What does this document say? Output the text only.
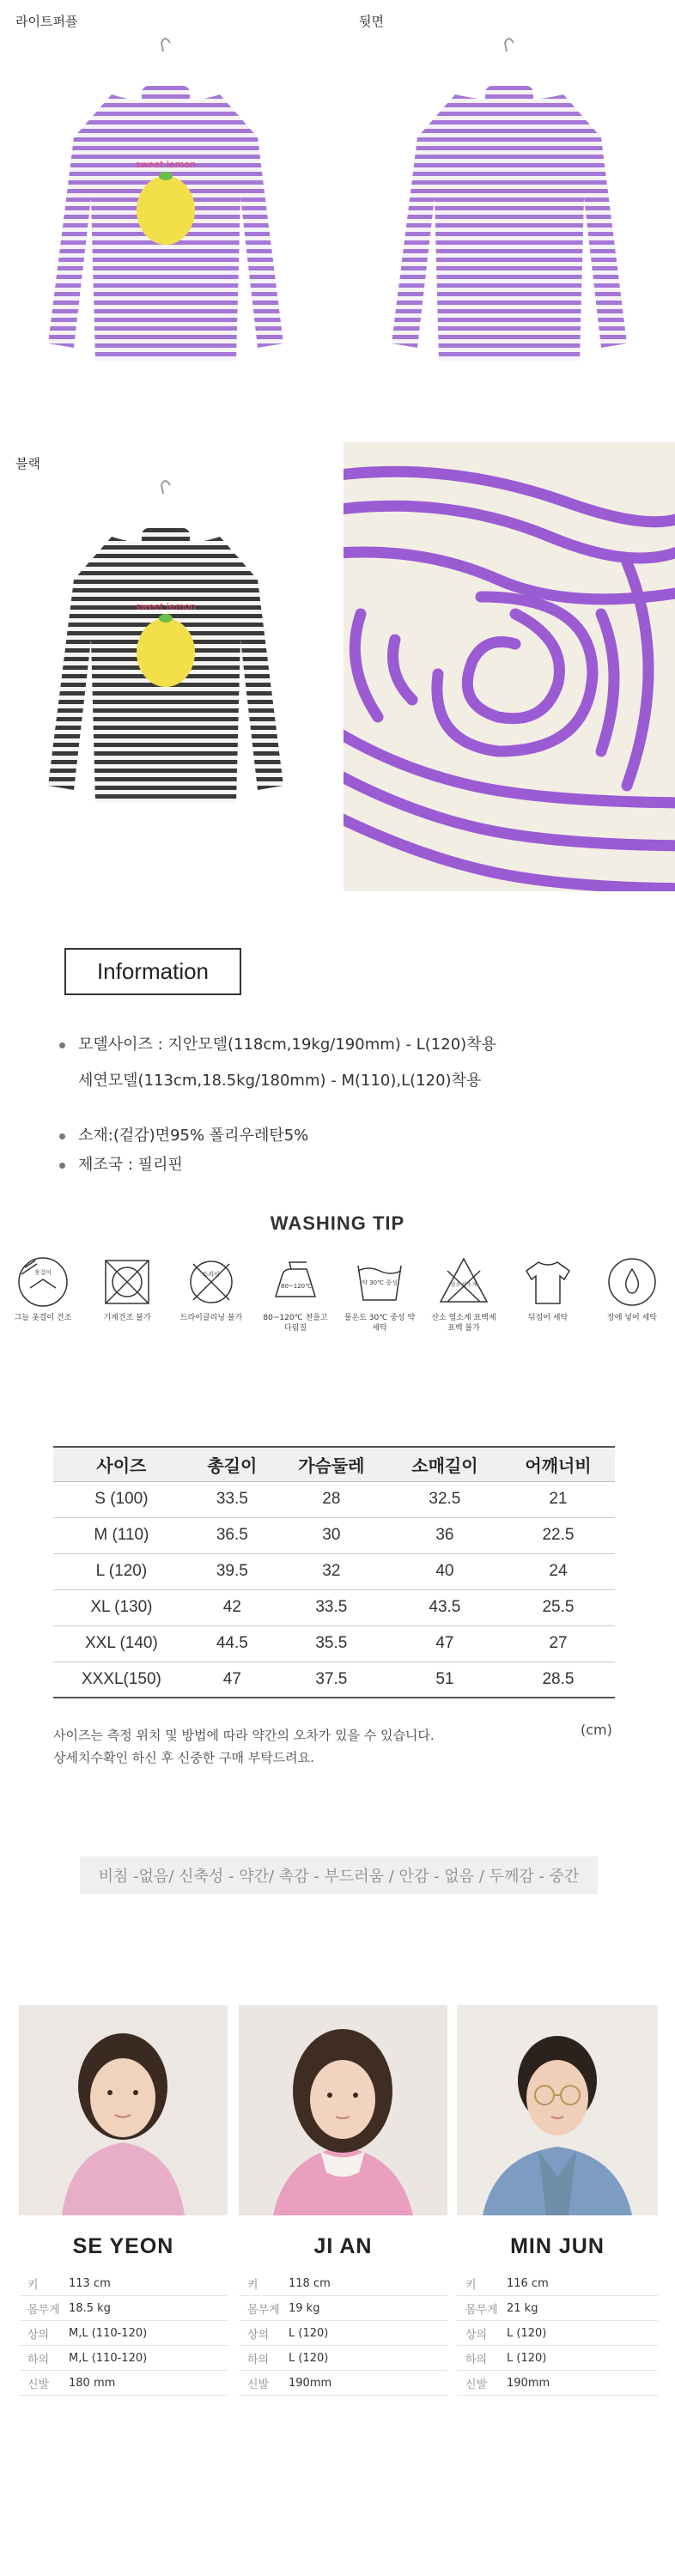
sweet lemon
라이트퍼플	뒷면
sweet lemon
블랙
Information
모델사이즈 : 지안모델(118cm,19kg/190mm) - L(120)착용
세연모델(113cm,18.5kg/180mm) - M(110),L(120)착용
소재:(겉감)면95% 폴리우레탄5%
제조국 : 필리핀
WASHING TIP
옷걸이
그늘 옷걸이 건조	기계건조 불가
드라이
드라이클리닝 불가
80~120℃
80~120℃ 천을고 다림질
약 30℃ 중성
물온도 30℃ 중성 약세탁
염소 산소계
산소 염소계 표백제 표백 불가
뒤집어 세탁	장에 넣어 세탁
사이즈	총길이	가슴둘레	소매길이	어깨너비
S (100)	33.5	28	32.5	21
M (110)	36.5	30	36	22.5
L (120)	39.5	32	40	24
XL (130)	42	33.5	43.5	25.5
XXL (140)	44.5	35.5	47	27
XXXL(150)	47	37.5	51	28.5
사이즈는 측정 위치 및 방법에 따라 약간의 오차가 있을 수 있습니다.
상세치수확인 하신 후 신중한 구매 부탁드려요.
(cm)
비침 -없음/ 신축성 - 약간/ 촉감 - 부드러움 / 안감 - 없음 / 두께감 - 중간
SE YEON
키	113 cm
몸무게 18.5 kg
상의	M,L (110-120)
하의	M,L (110-120)
신발	180 mm
JI AN
키	118 cm
몸무게 19 kg
상의	L (120)
하의	L (120)
신발	190mm
MIN JUN
키	116 cm
몸무게 21 kg
상의	L (120)
하의	L (120)
신발	190mm
